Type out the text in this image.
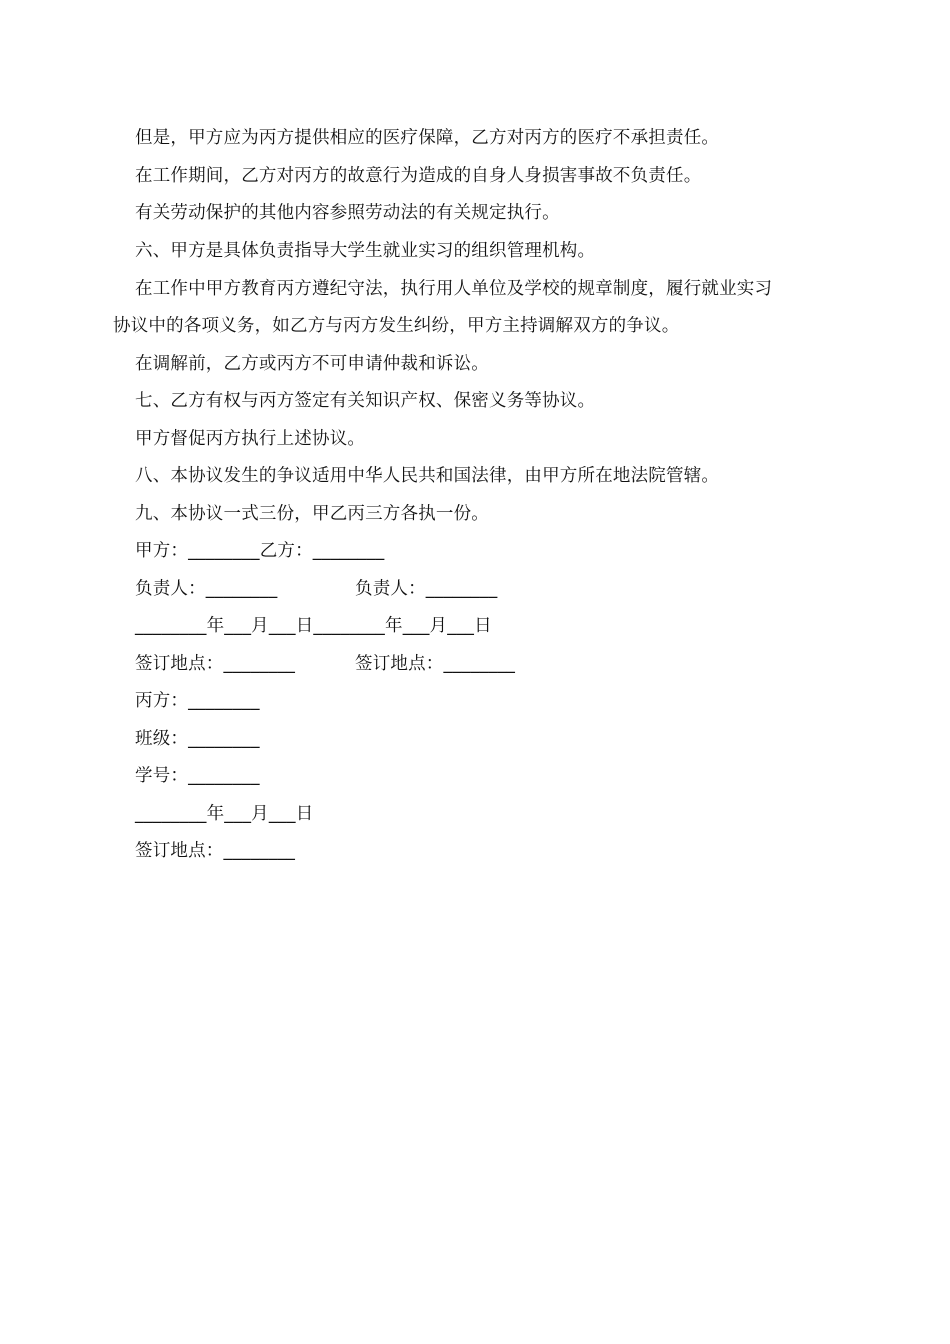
但是，甲方应为丙方提供相应的医疗保障，乙方对丙方的医疗不承担责任。
在工作期间，乙方对丙方的故意行为造成的自身人身损害事故不负责任。
有关劳动保护的其他内容参照劳动法的有关规定执行。
六、甲方是具体负责指导大学生就业实习的组织管理机构。
在工作中甲方教育丙方遵纪守法，执行用人单位及学校的规章制度，履行就业实习
协议中的各项义务，如乙方与丙方发生纠纷，甲方主持调解双方的争议。
在调解前，乙方或丙方不可申请仲裁和诉讼。
七、乙方有权与丙方签定有关知识产权、保密义务等协议。
甲方督促丙方执行上述协议。
八、本协议发生的争议适用中华人民共和国法律，由甲方所在地法院管辖。
九、本协议一式三份，甲乙丙三方各执一份。
甲方：________乙方：________
负责人：________	负责人：________
________年___月___日________年___月___日
签订地点：________	签订地点：________
丙方：________
班级：________
学号：________
________年___月___日
签订地点：________
